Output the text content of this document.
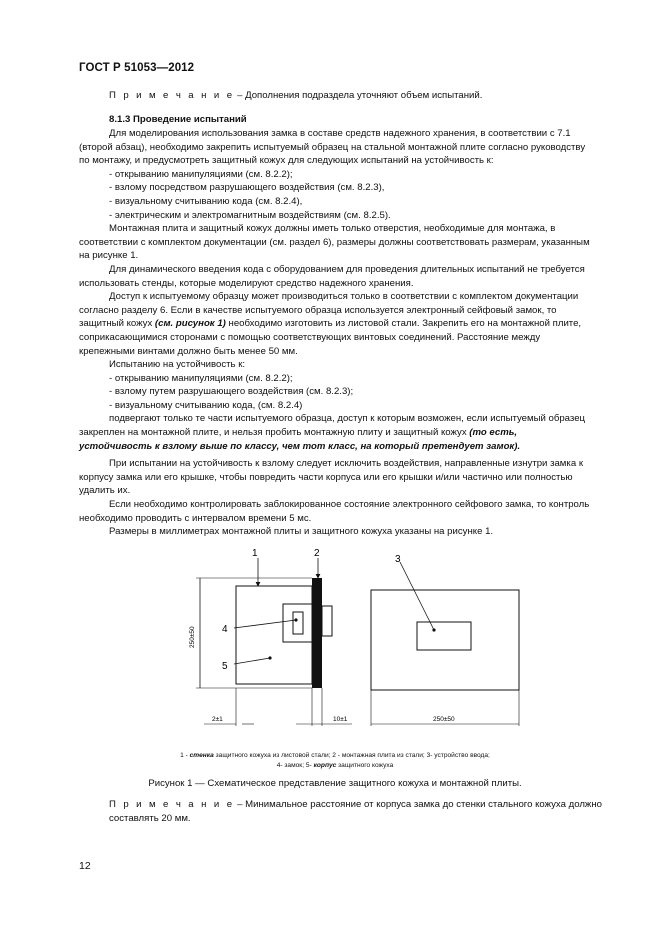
ГОСТ Р 51053—2012
П р и м е ч а н и е – Дополнения подраздела уточняют объем испытаний.
8.1.3 Проведение испытаний
Для моделирования использования замка в составе средств надежного хранения, в соответствии с 7.1 (второй абзац), необходимо закрепить испытуемый образец на стальной монтажной плите согласно руководству по монтажу, и предусмотреть защитный кожух для следующих испытаний на устойчивость к:
- открыванию манипуляциями (см. 8.2.2);
- взлому посредством разрушающего воздействия (см. 8.2.3),
- визуальному считыванию кода (см. 8.2.4),
- электрическим и электромагнитным воздействиям (см. 8.2.5).
Монтажная плита и защитный кожух должны иметь только отверстия, необходимые для монтажа, в соответствии с комплектом документации (см. раздел 6), размеры должны соответствовать размерам, указанным на рисунке 1.
Для динамического введения кода с оборудованием для проведения длительных испытаний не требуется использовать стенды, которые моделируют средство надежного хранения.
Доступ к испытуемому образцу может производиться только в соответствии с комплектом документации согласно разделу 6. Если в качестве испытуемого образца используется электронный сейфовый замок, то защитный кожух (см. рисунок 1) необходимо изготовить из листовой стали. Закрепить его на монтажной плите, соприкасающимися сторонами с помощью соответствующих винтовых соединений. Расстояние между крепежными винтами должно быть менее 50 мм.
Испытанию на устойчивость к:
- открыванию манипуляциями (см. 8.2.2);
- взлому путем разрушающего воздействия (см. 8.2.3);
- визуальному считыванию кода, (см. 8.2.4)
подвергают только те части испытуемого образца, доступ к которым возможен, если испытуемый образец закреплен на монтажной плите, и нельзя пробить монтажную плиту и защитный кожух (то есть, устойчивость к взлому выше по классу, чем тот класс, на который претендует замок).
При испытании на устойчивость к взлому следует исключить воздействия, направленные изнутри замка к корпусу замка или его крышке, чтобы повредить части корпуса или его крышки и/или частично или полностью удалить их.
Если необходимо контролировать заблокированное состояние электронного сейфового замка, то контроль необходимо проводить с интервалом времени 5 мс.
Размеры в миллиметрах монтажной плиты и защитного кожуха указаны на рисунке 1.
1	2
4
5
250±50
2±1	10±1
3
250±50
1 - стенка защитного кожуха из листовой стали; 2 - монтажная плита из стали; 3- устройство ввода;
4- замок; 5- корпус защитного кожуха
Рисунок 1 — Схематическое представление защитного кожуха и монтажной плиты.
П р и м е ч а н и е – Минимальное расстояние от корпуса замка до стенки стального кожуха должно составлять 20 мм.
12
